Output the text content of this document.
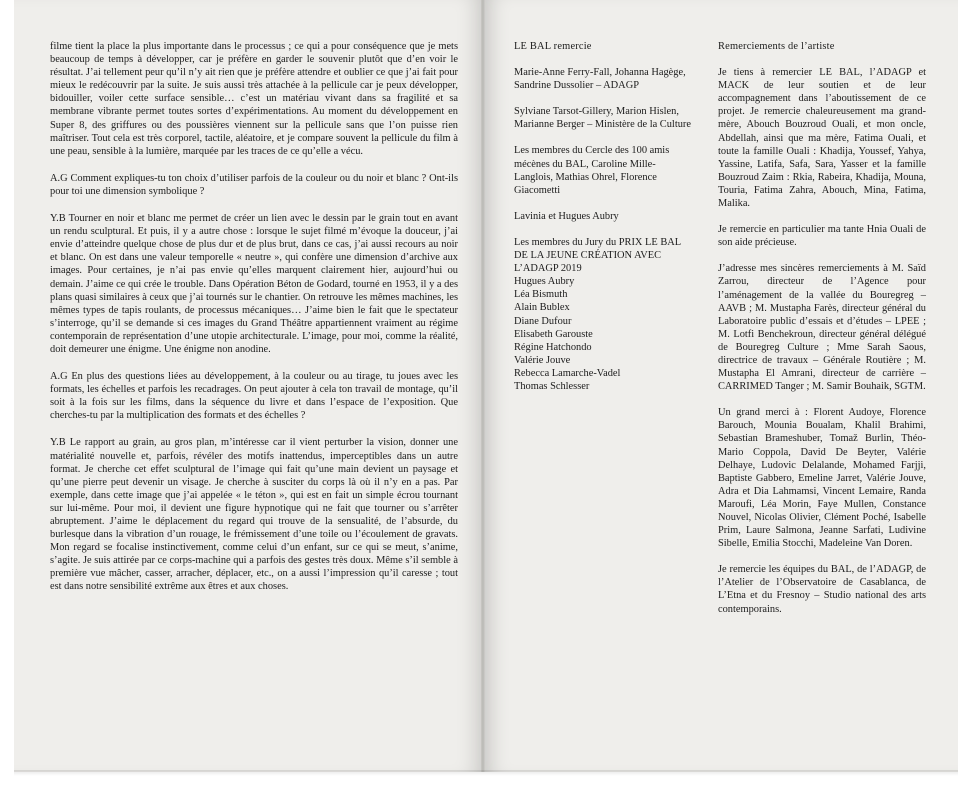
filme tient la place la plus importante dans le processus ; ce qui a pour conséquence que je mets beaucoup de temps à développer, car je préfère en garder le souvenir plutôt que d’en voir le résultat. J’ai tellement peur qu’il n’y ait rien que je préfère attendre et oublier ce que j’ai fait pour mieux le redécouvrir par la suite. Je suis aussi très attachée à la pellicule car je peux développer, bidouiller, voiler cette surface sensible… c’est un matériau vivant dans sa fragilité et sa membrane vibrante permet toutes sortes d’expérimentations. Au moment du développement en Super 8, des griffures ou des poussières viennent sur la pellicule sans que l’on puisse rien maîtriser. Tout cela est très corporel, tactile, aléatoire, et je compare souvent la pellicule du film à une peau, sensible à la lumière, marquée par les traces de ce qu’elle a vécu.

A.G Comment expliques-tu ton choix d’utiliser parfois de la couleur ou du noir et blanc ? Ont-ils pour toi une dimension symbolique ?

Y.B Tourner en noir et blanc me permet de créer un lien avec le dessin par le grain tout en avant un rendu sculptural. Et puis, il y a autre chose : lorsque le sujet filmé m’évoque la douceur, j’ai envie d’atteindre quelque chose de plus dur et de plus brut, dans ce cas, j’ai aussi recours au noir et blanc. On est dans une valeur temporelle « neutre », qui confère une dimension d’archive aux images. Pour certaines, je n’ai pas envie qu’elles marquent clairement hier, aujourd’hui ou demain. J’aime ce qui crée le trouble. Dans Opération Béton de Godard, tourné en 1953, il y a des plans quasi similaires à ceux que j’ai tournés sur le chantier. On retrouve les mêmes machines, les mêmes types de tapis roulants, de processus mécaniques… J’aime bien le fait que le spectateur s’interroge, qu’il se demande si ces images du Grand Théâtre appartiennent vraiment au régime contemporain de représentation d’une utopie architecturale. L’image, pour moi, comme la réalité, doit demeurer une énigme. Une énigme non anodine.

A.G En plus des questions liées au développement, à la couleur ou au tirage, tu joues avec les formats, les échelles et parfois les recadrages. On peut ajouter à cela ton travail de montage, qu’il soit à la fois sur les films, dans la séquence du livre et dans l’espace de l’exposition. Que cherches-tu par la multiplication des formats et des échelles ?

Y.B Le rapport au grain, au gros plan, m’intéresse car il vient perturber la vision, donner une matérialité nouvelle et, parfois, révéler des motifs inattendus, imperceptibles dans un autre format. Je cherche cet effet sculptural de l’image qui fait qu’une main devient un paysage et qu’une pierre peut devenir un visage. Je cherche à susciter du corps là où il n’y en a pas. Par exemple, dans cette image que j’ai appelée « le téton », qui est en fait un simple écrou tournant sur lui-même. Pour moi, il devient une figure hypnotique qui ne fait que tourner ou s’arrêter abruptement. J’aime le déplacement du regard qui trouve de la sensualité, de l’absurde, du burlesque dans la vibration d’un rouage, le frémissement d’une toile ou l’écoulement de gravats. Mon regard se focalise instinctivement, comme celui d’un enfant, sur ce qui se meut, s’anime, s’agite. Je suis attirée par ce corps-machine qui a parfois des gestes très doux. Même s’il semble à première vue mâcher, casser, arracher, déplacer, etc., on a aussi l’impression qu’il caresse ; tout est dans notre sensibilité extrême aux êtres et aux choses.

LE BAL remercie

Marie-Anne Ferry-Fall, Johanna Hagège, Sandrine Dussolier – ADAGP

Sylviane Tarsot-Gillery, Marion Hislen, Marianne Berger – Ministère de la Culture

Les membres du Cercle des 100 amis mécènes du BAL, Caroline Mille-Langlois, Mathias Ohrel, Florence Giacometti

Lavinia et Hugues Aubry

Les membres du Jury du PRIX LE BAL DE LA JEUNE CRÉATION AVEC L’ADAGP 2019
Hugues Aubry
Léa Bismuth
Alain Bublex
Diane Dufour
Elisabeth Garouste
Régine Hatchondo
Valérie Jouve
Rebecca Lamarche-Vadel
Thomas Schlesser

Remerciements de l’artiste

Je tiens à remercier LE BAL, l’ADAGP et MACK de leur soutien et de leur accompagnement dans l’aboutissement de ce projet. Je remercie chaleureusement ma grand-mère, Abouch Bouzroud Ouali, et mon oncle, Abdellah, ainsi que ma mère, Fatima Ouali, et toute la famille Ouali : Khadija, Youssef, Yahya, Yassine, Latifa, Safa, Sara, Yasser et la famille Bouzroud Zaim : Rkia, Rabeira, Khadija, Mouna, Touria, Fatima Zahra, Abouch, Mina, Fatima, Malika.

Je remercie en particulier ma tante Hnia Ouali de son aide précieuse.

J’adresse mes sincères remerciements à M. Saïd Zarrou, directeur de l’Agence pour l’aménagement de la vallée du Bouregreg – AAVB ; M. Mustapha Farès, directeur général du Laboratoire public d’essais et d’études – LPEE ; M. Lotfi Benchekroun, directeur général délégué de Bouregreg Culture ; Mme Sarah Saous, directrice de travaux – Générale Routière ; M. Mustapha El Amrani, directeur de carrière – CARRIMED Tanger ; M. Samir Bouhaik, SGTM.

Un grand merci à : Florent Audoye, Florence Barouch, Mounia Boualam, Khalil Brahimi, Sebastian Brameshuber, Tomaž Burlin, Théo-Mario Coppola, David De Beyter, Valérie Delhaye, Ludovic Delalande, Mohamed Farjji, Baptiste Gabbero, Emeline Jarret, Valérie Jouve, Adra et Dia Lahmamsi, Vincent Lemaire, Randa Maroufi, Léa Morin, Faye Mullen, Constance Nouvel, Nicolas Olivier, Clément Poché, Isabelle Prim, Laure Salmona, Jeanne Sarfati, Ludivine Sibelle, Emilia Stocchi, Madeleine Van Doren.

Je remercie les équipes du BAL, de l’ADAGP, de l’Atelier de l’Observatoire de Casablanca, de L’Etna et du Fresnoy – Studio national des arts contemporains.
